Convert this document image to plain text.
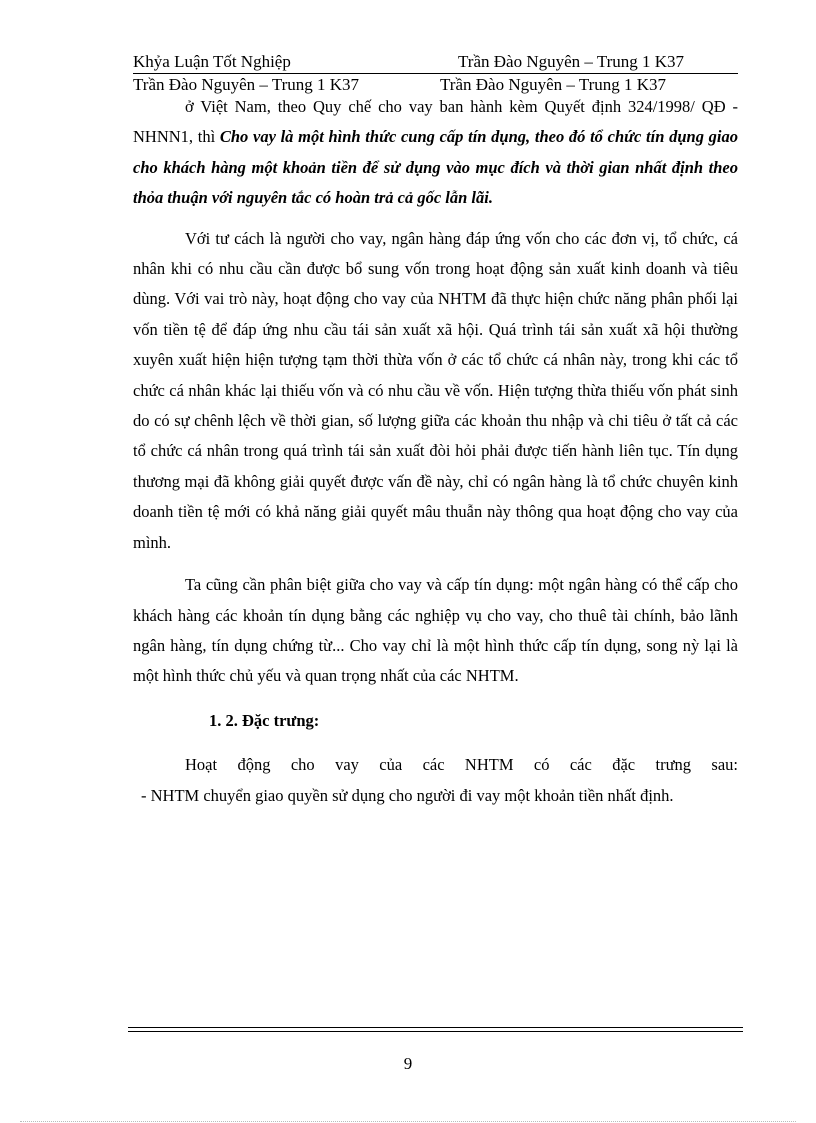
Khỷa Luận Tốt Nghiệp	Trần Đào Nguyên – Trung 1 K37
Trần Đào Nguyên – Trung 1 K37	Trần Đào Nguyên – Trung 1 K37

ở Việt Nam, theo Quy chế cho vay ban hành kèm Quyết định 324/1998/ QĐ - NHNN1, thì Cho vay là một hình thức cung cấp tín dụng, theo đó tổ chức tín dụng giao cho khách hàng một khoản tiền để sử dụng vào mục đích và thời gian nhất định theo thỏa thuận với nguyên tắc có hoàn trả cả gốc lẫn lãi.

Với tư cách là người cho vay, ngân hàng đáp ứng vốn cho các đơn vị, tổ chức, cá nhân khi có nhu cầu cần được bổ sung vốn trong hoạt động sản xuất kinh doanh và tiêu dùng. Với vai trò này, hoạt động cho vay của NHTM đã thực hiện chức năng phân phối lại vốn tiền tệ để đáp ứng nhu cầu tái sản xuất xã hội. Quá trình tái sản xuất xã hội thường xuyên xuất hiện hiện tượng tạm thời thừa vốn ở các tổ chức cá nhân này, trong khi các tổ chức cá nhân khác lại thiếu vốn và có nhu cầu về vốn. Hiện tượng thừa thiếu vốn phát sinh do có sự chênh lệch về thời gian, số lượng giữa các khoản thu nhập và chi tiêu ở tất cả các tổ chức cá nhân trong quá trình tái sản xuất đòi hỏi phải được tiến hành liên tục. Tín dụng thương mại đã không giải quyết được vấn đề này, chỉ có ngân hàng là tổ chức chuyên kinh doanh tiền tệ mới có khả năng giải quyết mâu thuẫn này thông qua hoạt động cho vay của mình.

Ta cũng cần phân biệt giữa cho vay và cấp tín dụng: một ngân hàng có thể cấp cho khách hàng các khoản tín dụng bằng các nghiệp vụ cho vay, cho thuê tài chính, bảo lãnh ngân hàng, tín dụng chứng từ... Cho vay chỉ là một hình thức cấp tín dụng, song nỳ lại là một hình thức chủ yếu và quan trọng nhất của các NHTM.

1. 2. Đặc trưng:

Hoạt động cho vay của các NHTM có các đặc trưng sau:

- NHTM chuyển giao quyền sử dụng cho người đi vay một khoản tiền nhất định.

9
